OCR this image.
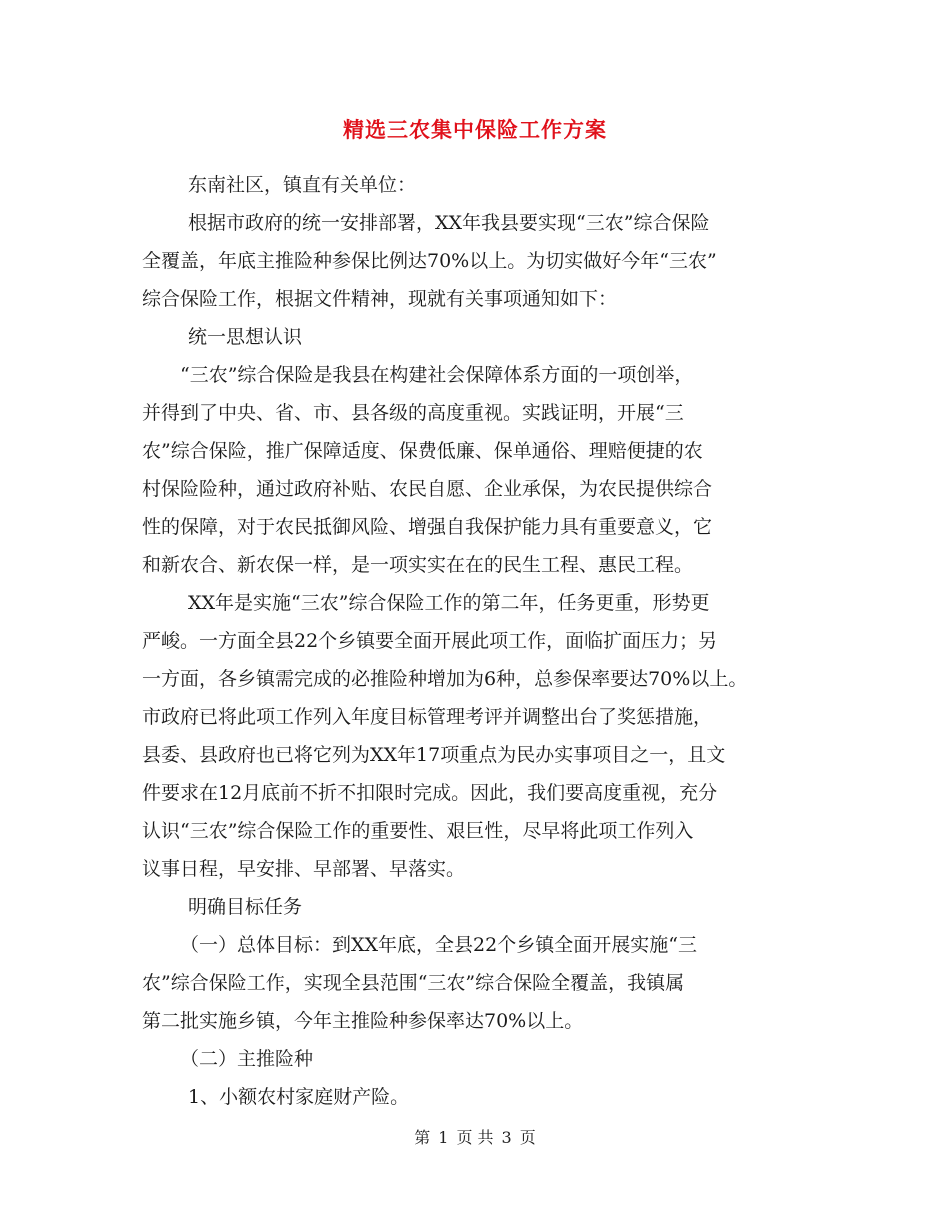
精选三农集中保险工作方案
东南社区，镇直有关单位：
根据市政府的统一安排部署，XX年我县要实现“三农”综合保险
全覆盖，年底主推险种参保比例达70%以上。为切实做好今年“三农”
综合保险工作，根据文件精神，现就有关事项通知如下：
统一思想认识
“三农”综合保险是我县在构建社会保障体系方面的一项创举，
并得到了中央、省、市、县各级的高度重视。实践证明，开展“三
农”综合保险，推广保障适度、保费低廉、保单通俗、理赔便捷的农
村保险险种，通过政府补贴、农民自愿、企业承保，为农民提供综合
性的保障，对于农民抵御风险、增强自我保护能力具有重要意义，它
和新农合、新农保一样，是一项实实在在的民生工程、惠民工程。
XX年是实施“三农”综合保险工作的第二年，任务更重，形势更
严峻。一方面全县22个乡镇要全面开展此项工作，面临扩面压力；另
一方面，各乡镇需完成的必推险种增加为6种，总参保率要达70%以上。
市政府已将此项工作列入年度目标管理考评并调整出台了奖惩措施，
县委、县政府也已将它列为XX年17项重点为民办实事项目之一，且文
件要求在12月底前不折不扣限时完成。因此，我们要高度重视，充分
认识“三农”综合保险工作的重要性、艰巨性，尽早将此项工作列入
议事日程，早安排、早部署、早落实。
明确目标任务
（一）总体目标：到XX年底，全县22个乡镇全面开展实施“三
农”综合保险工作，实现全县范围“三农”综合保险全覆盖，我镇属
第二批实施乡镇，今年主推险种参保率达70%以上。
（二）主推险种
1、小额农村家庭财产险。
第 1 页 共 3 页
